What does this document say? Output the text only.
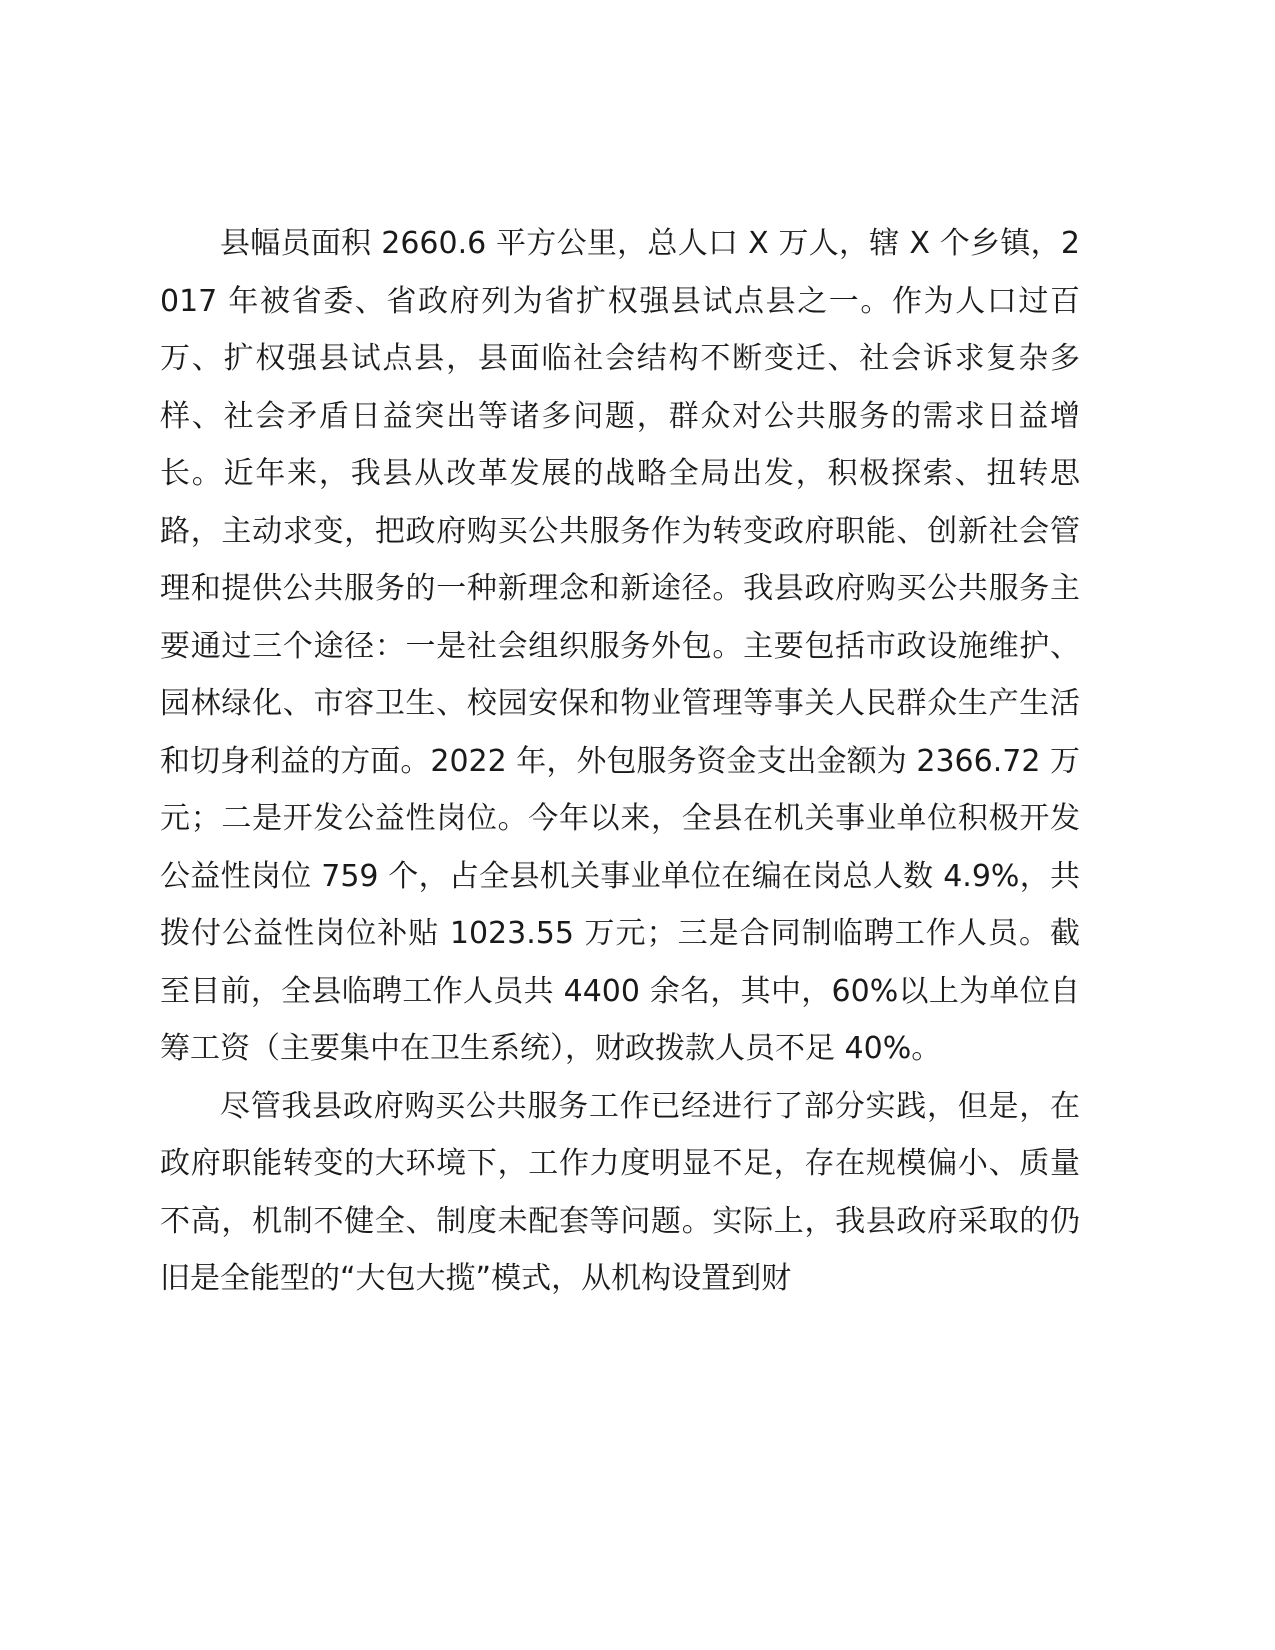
县幅员面积 2660.6 平方公里，总人口 X 万人，辖 X 个乡镇，2017 年被省委、省政府列为省扩权强县试点县之一。作为人口过百万、扩权强县试点县，县面临社会结构不断变迁、社会诉求复杂多样、社会矛盾日益突出等诸多问题，群众对公共服务的需求日益增长。近年来，我县从改革发展的战略全局出发，积极探索、扭转思路，主动求变，把政府购买公共服务作为转变政府职能、创新社会管理和提供公共服务的一种新理念和新途径。我县政府购买公共服务主要通过三个途径：一是社会组织服务外包。主要包括市政设施维护、园林绿化、市容卫生、校园安保和物业管理等事关人民群众生产生活和切身利益的方面。2022 年，外包服务资金支出金额为 2366.72 万元；二是开发公益性岗位。今年以来，全县在机关事业单位积极开发公益性岗位 759 个，占全县机关事业单位在编在岗总人数 4.9%，共拨付公益性岗位补贴 1023.55 万元；三是合同制临聘工作人员。截至目前，全县临聘工作人员共 4400 余名，其中，60%以上为单位自筹工资（主要集中在卫生系统），财政拨款人员不足 40%。

尽管我县政府购买公共服务工作已经进行了部分实践，但是，在政府职能转变的大环境下，工作力度明显不足，存在规模偏小、质量不高，机制不健全、制度未配套等问题。实际上，我县政府采取的仍旧是全能型的“大包大揽”模式，从机构设置到财
